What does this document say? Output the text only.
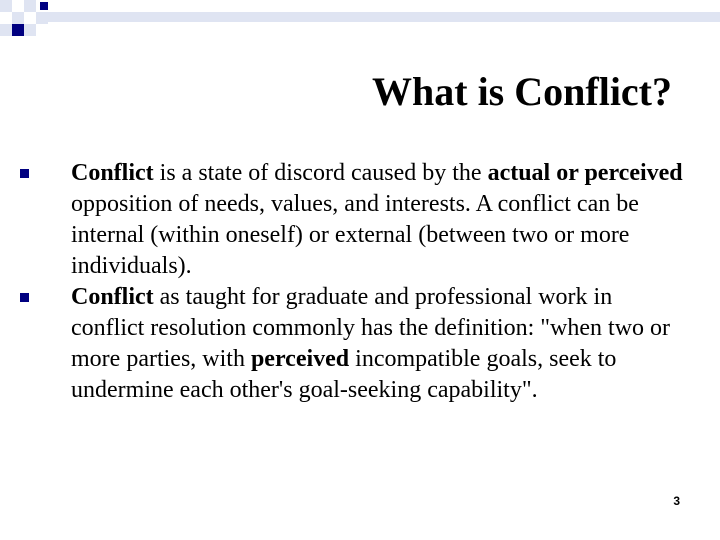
What is Conflict?
Conflict is a state of discord caused by the actual or perceived opposition of needs, values, and interests. A conflict can be internal (within oneself) or external (between two or more individuals).
Conflict as taught for graduate and professional work in conflict resolution commonly has the definition: "when two or more parties, with perceived incompatible goals, seek to undermine each other's goal-seeking capability".
3
